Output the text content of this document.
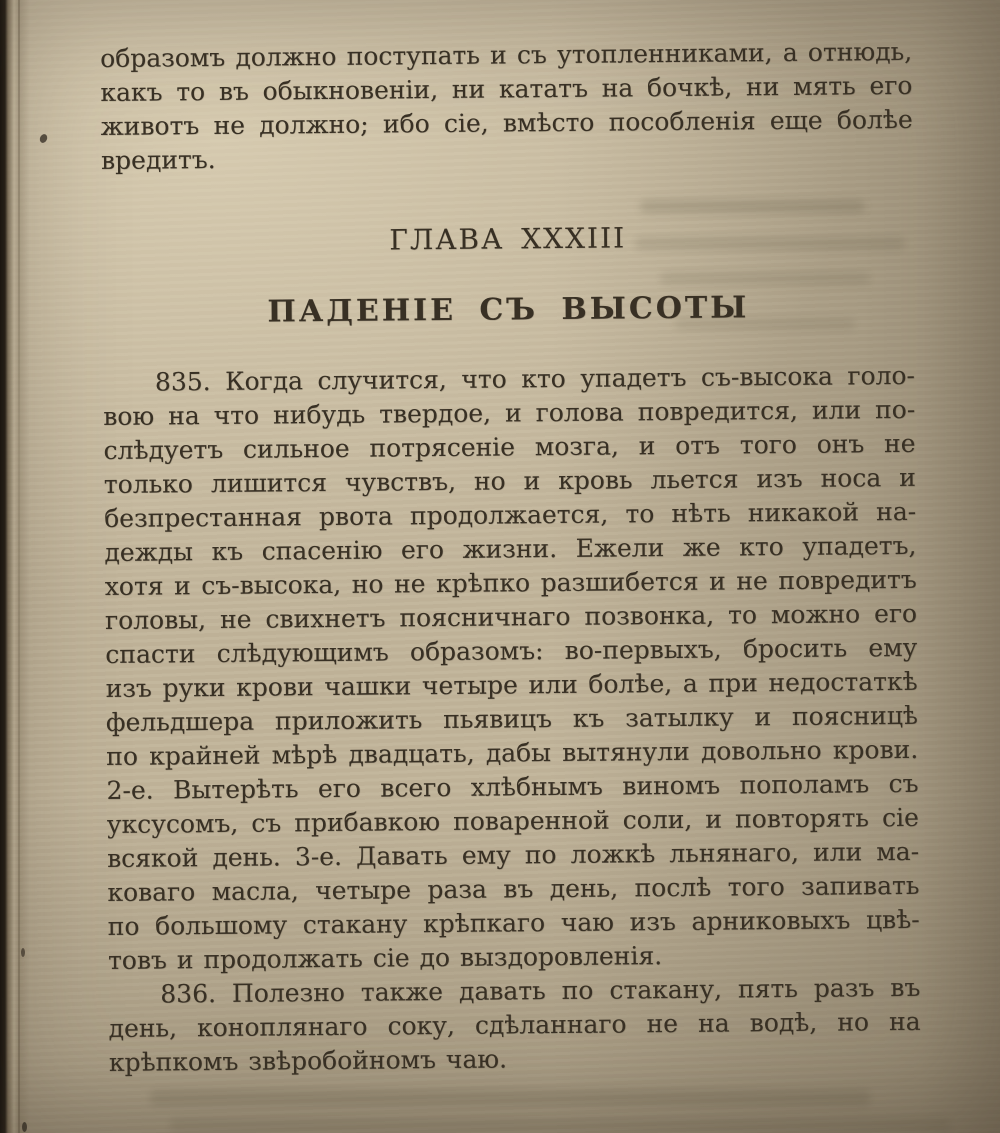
образомъ должно поступать и съ утопленниками, а отнюдь,
какъ то въ обыкновеніи, ни кататъ на бочкѣ, ни мять его
животъ не должно; ибо сіе, вмѣсто пособленія еще болѣе
вредитъ.
ГЛАВА XXXIII
ПАДЕНІЕ СЪ ВЫСОТЫ
835. Когда случится, что кто упадетъ съ-высока голо-
вою на что нибудь твердое, и голова повредится, или по-
слѣдуетъ сильное потрясеніе мозга, и отъ того онъ не
только лишится чувствъ, но и кровь льется изъ носа и
безпрестанная рвота продолжается, то нѣть никакой на-
дежды къ спасенію его жизни. Ежели же кто упадетъ,
хотя и съ-высока, но не крѣпко разшибется и не повредитъ
головы, не свихнетъ поясничнаго позвонка, то можно его
спасти слѣдующимъ образомъ: во-первыхъ, бросить ему
изъ руки крови чашки четыре или болѣе, а при недостаткѣ
фельдшера приложить пьявицъ къ затылку и поясницѣ
по крайней мѣрѣ двадцать, дабы вытянули довольно крови.
2-е. Вытерѣть его всего хлѣбнымъ виномъ пополамъ съ
уксусомъ, съ прибавкою поваренной соли, и повторять сіе
всякой день. 3-е. Давать ему по ложкѣ льнянаго, или ма-
коваго масла, четыре раза въ день, послѣ того запивать
по большому стакану крѣпкаго чаю изъ арниковыхъ цвѣ-
товъ и продолжать сіе до выздоровленія.
836. Полезно также давать по стакану, пять разъ въ
день, коноплянаго соку, сдѣланнаго не на водѣ, но на
крѣпкомъ звѣробойномъ чаю.
